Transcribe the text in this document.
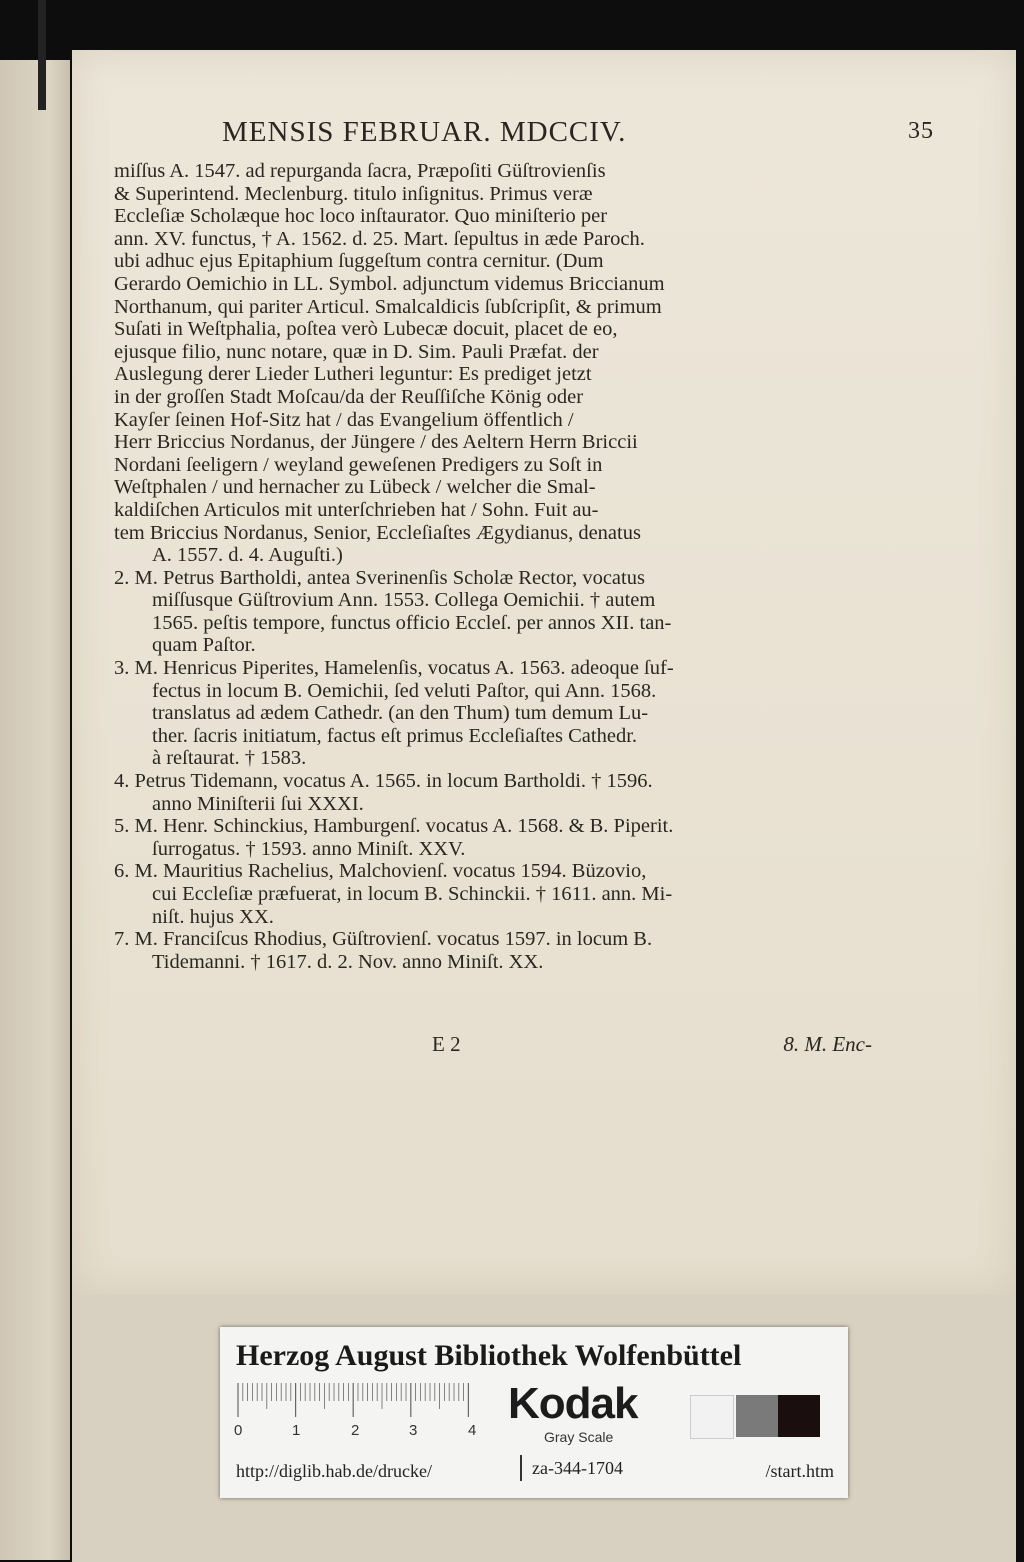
MENSIS FEBRUAR. MDCCIV.	35
miſſus A. 1547. ad repurganda ſacra, Præpoſiti Güſtrovienſis
& Superintend. Meclenburg. titulo inſignitus. Primus veræ
Eccleſiæ Scholæque hoc loco inſtaurator. Quo miniſterio per
ann. XV. functus, † A. 1562. d. 25. Mart. ſepultus in æde Paroch.
ubi adhuc ejus Epitaphium ſuggeſtum contra cernitur. (Dum
Gerardo Oemichio in LL. Symbol. adjunctum videmus Briccianum
Northanum, qui pariter Articul. Smalcaldicis ſubſcripſit, & primum
Suſati in Weſtphalia, poſtea verò Lubecæ docuit, placet de eo,
ejusque filio, nunc notare, quæ in D. Sim. Pauli Præfat. der
Auslegung derer Lieder Lutheri leguntur: Es prediget jetzt
in der groſſen Stadt Moſcau/da der Reuſſiſche König oder
Kayſer ſeinen Hof-Sitz hat / das Evangelium öffentlich /
Herr Briccius Nordanus, der Jüngere / des Aeltern Herrn Briccii
Nordani ſeeligern / weyland geweſenen Predigers zu Soſt in
Weſtphalen / und hernacher zu Lübeck / welcher die Smal-
kaldiſchen Articulos mit unterſchrieben hat / Sohn. Fuit au-
tem Briccius Nordanus, Senior, Eccleſiaſtes Ægydianus, denatus
A. 1557. d. 4. Auguſti.)
2. M. Petrus Bartholdi, antea Sverinenſis Scholæ Rector, vocatus
miſſusque Güſtrovium Ann. 1553. Collega Oemichii. † autem
1565. peſtis tempore, functus officio Eccleſ. per annos XII. tan-
quam Paſtor.
3. M. Henricus Piperites, Hamelenſis, vocatus A. 1563. adeoque ſuf-
fectus in locum B. Oemichii, ſed veluti Paſtor, qui Ann. 1568.
translatus ad ædem Cathedr. (an den Thum) tum demum Lu-
ther. ſacris initiatum, factus eſt primus Eccleſiaſtes Cathedr.
à reſtaurat. † 1583.
4. Petrus Tidemann, vocatus A. 1565. in locum Bartholdi. † 1596.
anno Miniſterii ſui XXXI.
5. M. Henr. Schinckius, Hamburgenſ. vocatus A. 1568. & B. Piperit.
ſurrogatus. † 1593. anno Miniſt. XXV.
6. M. Mauritius Rachelius, Malchovienſ. vocatus 1594. Büzovio,
cui Eccleſiæ præfuerat, in locum B. Schinckii. † 1611. ann. Mi-
niſt. hujus XX.
7. M. Franciſcus Rhodius, Güſtrovienſ. vocatus 1597. in locum B.
Tidemanni. † 1617. d. 2. Nov. anno Miniſt. XX.
E 2	8. M. Enc-
Herzog August Bibliothek Wolfenbüttel
0	1	2	3	4
Kodak
Gray Scale
http://diglib.hab.de/drucke/	za-344-1704	/start.htm
